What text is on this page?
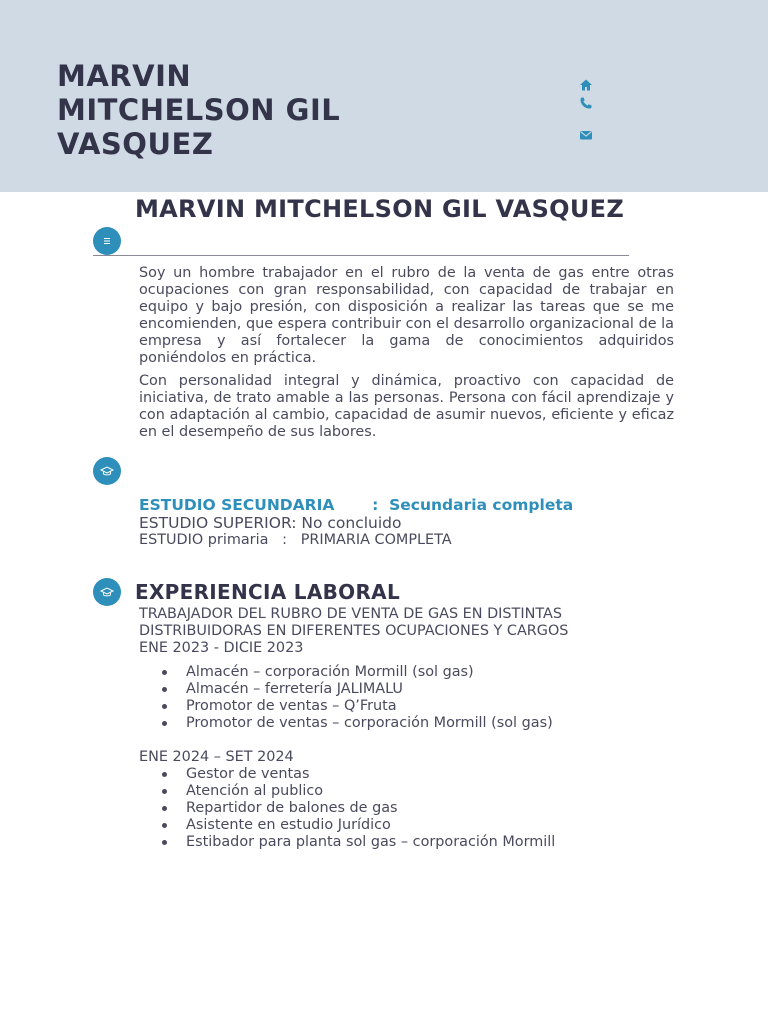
MARVIN MITCHELSON GIL VASQUEZ
MARVIN MITCHELSON GIL VASQUEZ

Soy un hombre trabajador en el rubro de la venta de gas entre otras ocupaciones con gran responsabilidad, con capacidad de trabajar en equipo y bajo presión, con disposición a realizar las tareas que se me encomienden, que espera contribuir con el desarrollo organizacional de la empresa y así fortalecer la gama de conocimientos adquiridos poniéndolos en práctica.

Con personalidad integral y dinámica, proactivo con capacidad de iniciativa, de trato amable a las personas. Persona con fácil aprendizaje y con adaptación al cambio, capacidad de asumir nuevos, eficiente y eficaz en el desempeño de sus labores.

ESTUDIO SECUNDARIA       :  Secundaria completa
ESTUDIO SUPERIOR: No concluido
ESTUDIO primaria   :   PRIMARIA COMPLETA
EXPERIENCIA LABORAL
TRABAJADOR DEL RUBRO DE VENTA DE GAS EN DISTINTAS
DISTRIBUIDORAS EN DIFERENTES OCUPACIONES Y CARGOS
ENE 2023 - DICIE 2023
Almacén – corporación Mormill (sol gas)
Almacén – ferretería JALIMALU
Promotor de ventas – Q’Fruta
Promotor de ventas – corporación Mormill (sol gas)
ENE 2024 – SET 2024
Gestor de ventas
Atención al publico
Repartidor de balones de gas
Asistente en estudio Jurídico
Estibador para planta sol gas – corporación Mormill
